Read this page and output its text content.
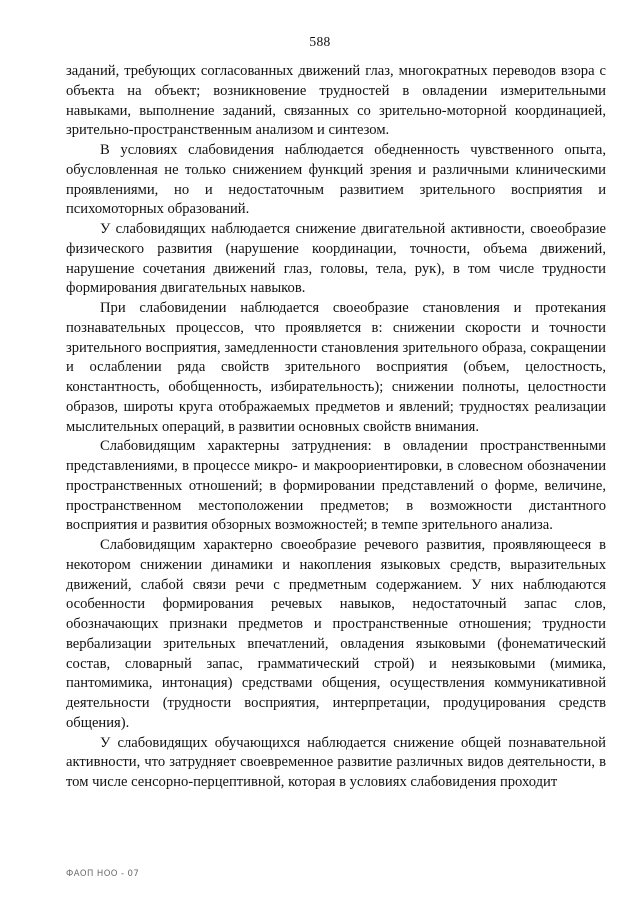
588

заданий, требующих согласованных движений глаз, многократных переводов взора с объекта на объект; возникновение трудностей в овладении измерительными навыками, выполнение заданий, связанных со зрительно-моторной координацией, зрительно-пространственным анализом и синтезом.

В условиях слабовидения наблюдается обедненность чувственного опыта, обусловленная не только снижением функций зрения и различными клиническими проявлениями, но и недостаточным развитием зрительного восприятия и психомоторных образований.

У слабовидящих наблюдается снижение двигательной активности, своеобразие физического развития (нарушение координации, точности, объема движений, нарушение сочетания движений глаз, головы, тела, рук), в том числе трудности формирования двигательных навыков.

При слабовидении наблюдается своеобразие становления и протекания познавательных процессов, что проявляется в: снижении скорости и точности зрительного восприятия, замедленности становления зрительного образа, сокращении и ослаблении ряда свойств зрительного восприятия (объем, целостность, константность, обобщенность, избирательность); снижении полноты, целостности образов, широты круга отображаемых предметов и явлений; трудностях реализации мыслительных операций, в развитии основных свойств внимания.

Слабовидящим характерны затруднения: в овладении пространственными представлениями, в процессе микро- и макроориентировки, в словесном обозначении пространственных отношений; в формировании представлений о форме, величине, пространственном местоположении предметов; в возможности дистантного восприятия и развития обзорных возможностей; в темпе зрительного анализа.

Слабовидящим характерно своеобразие речевого развития, проявляющееся в некотором снижении динамики и накопления языковых средств, выразительных движений, слабой связи речи с предметным содержанием. У них наблюдаются особенности формирования речевых навыков, недостаточный запас слов, обозначающих признаки предметов и пространственные отношения; трудности вербализации зрительных впечатлений, овладения языковыми (фонематический состав, словарный запас, грамматический строй) и неязыковыми (мимика, пантомимика, интонация) средствами общения, осуществления коммуникативной деятельности (трудности восприятия, интерпретации, продуцирования средств общения).

У слабовидящих обучающихся наблюдается снижение общей познавательной активности, что затрудняет своевременное развитие различных видов деятельности, в том числе сенсорно-перцептивной, которая в условиях слабовидения проходит

ФАОП НОО - 07
